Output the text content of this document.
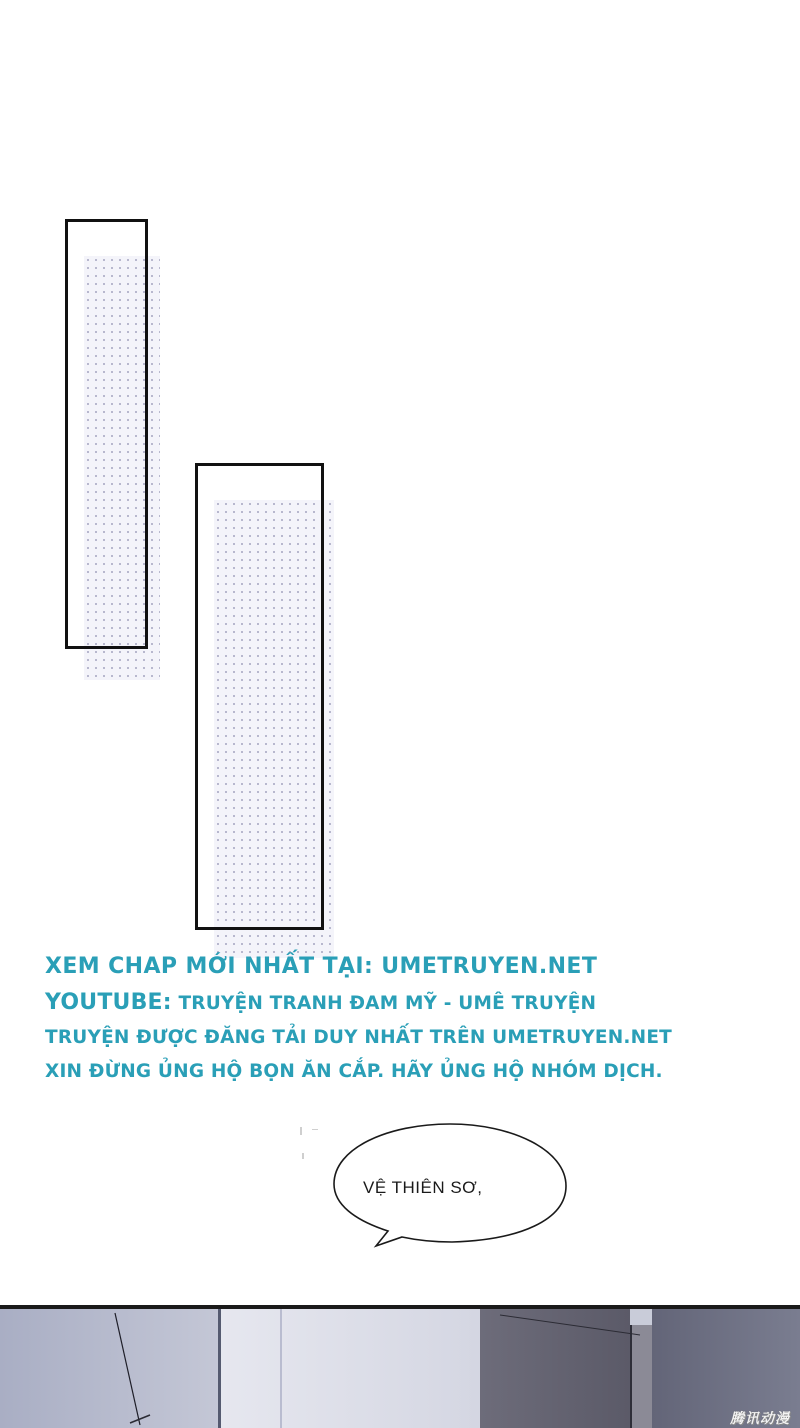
XEM CHAP MỚI NHẤT TẠI: UMETRUYEN.NET
YOUTUBE: TRUYỆN TRANH ĐAM MỸ - UMÊ TRUYỆN
TRUYỆN ĐƯỢC ĐĂNG TẢI DUY NHẤT TRÊN UMETRUYEN.NET
XIN ĐỪNG ỦNG HỘ BỌN ĂN CẮP. HÃY ỦNG HỘ NHÓM DỊCH.
VỆ THIÊN SƠ,
腾讯动漫
